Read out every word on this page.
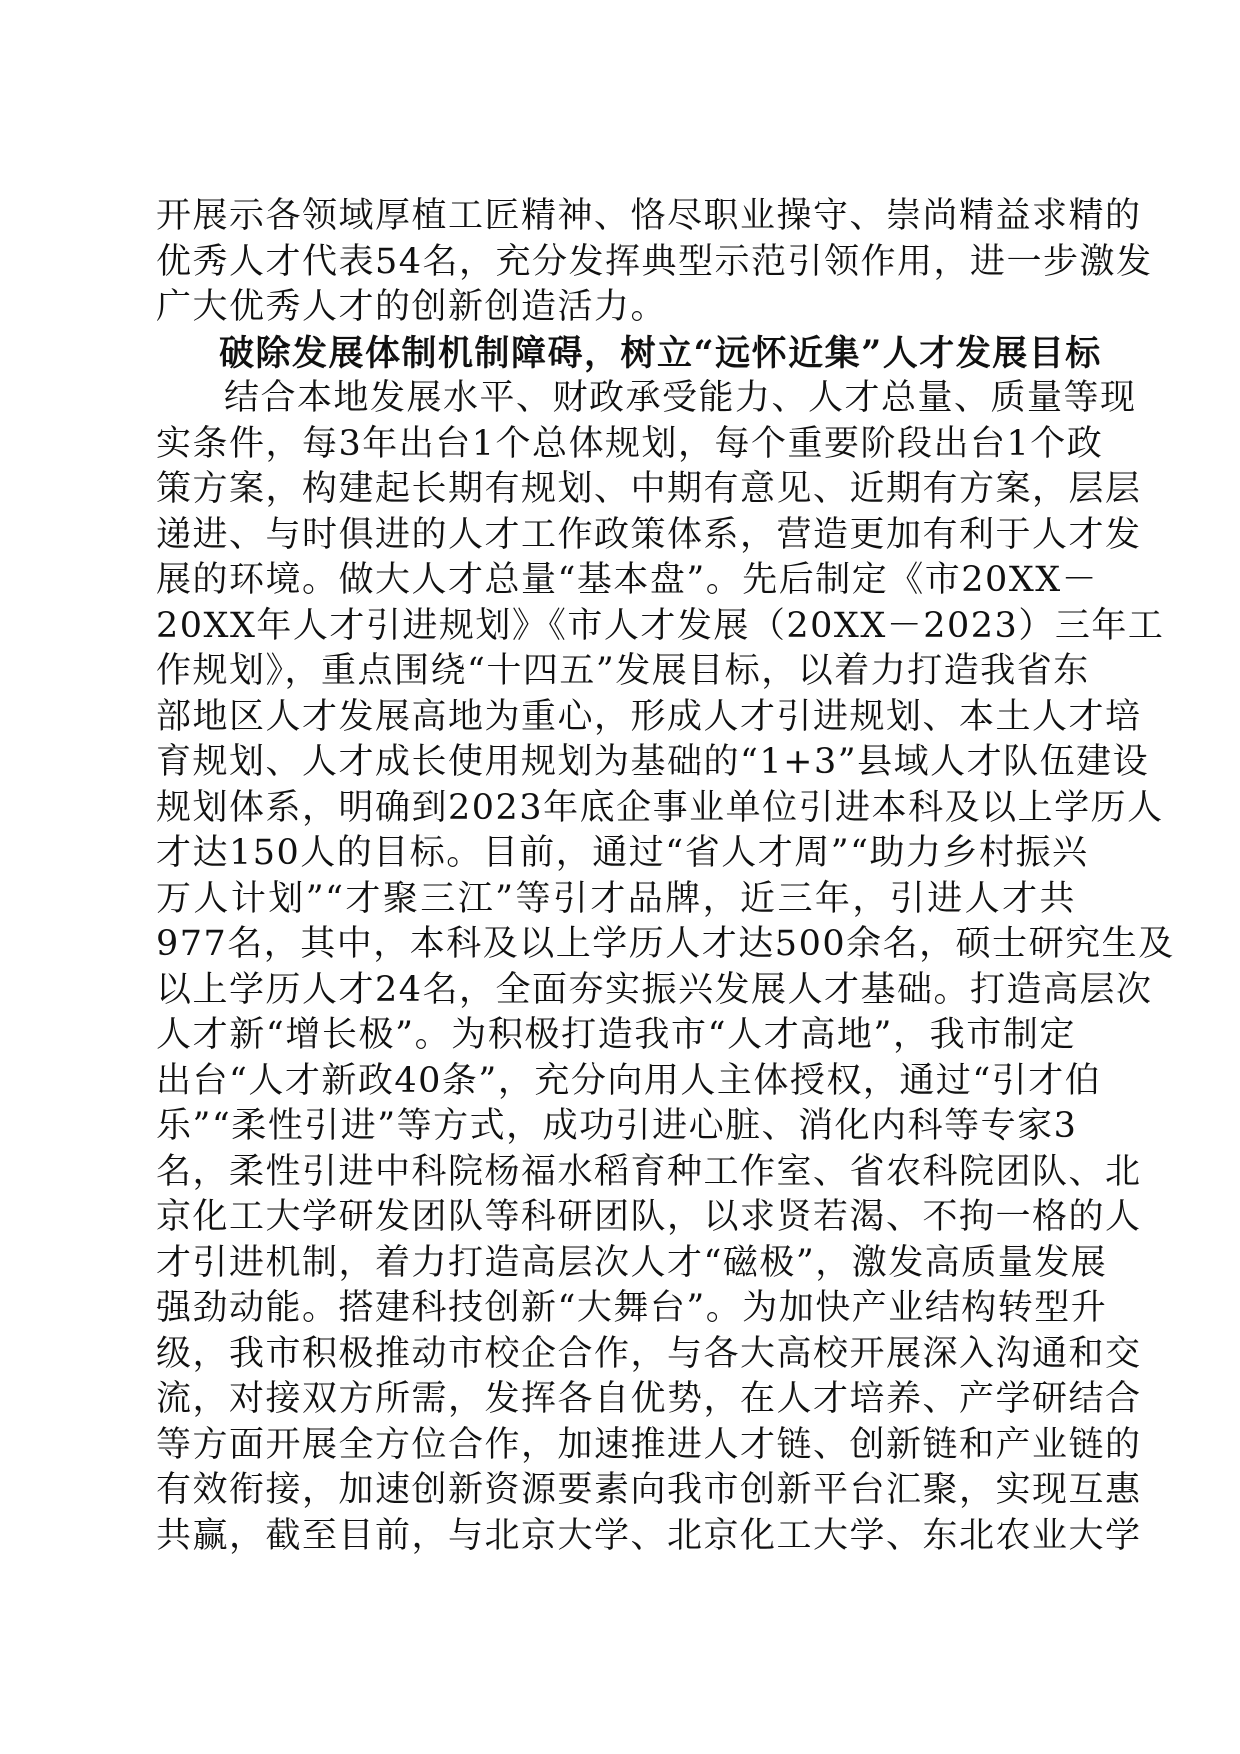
开展示各领域厚植工匠精神、恪尽职业操守、崇尚精益求精的
优秀人才代表54名，充分发挥典型示范引领作用，进一步激发
广大优秀人才的创新创造活力。
破除发展体制机制障碍，树立“远怀近集”人才发展目标
结合本地发展水平、财政承受能力、人才总量、质量等现
实条件，每3年出台1个总体规划，每个重要阶段出台1个政
策方案，构建起长期有规划、中期有意见、近期有方案，层层
递进、与时俱进的人才工作政策体系，营造更加有利于人才发
展的环境。做大人才总量“基本盘”。先后制定《市20XX－
20XX年人才引进规划》《市人才发展（20XX－2023）三年工
作规划》，重点围绕“十四五”发展目标，以着力打造我省东
部地区人才发展高地为重心，形成人才引进规划、本土人才培
育规划、人才成长使用规划为基础的“1+3”县域人才队伍建设
规划体系，明确到2023年底企事业单位引进本科及以上学历人
才达150人的目标。目前，通过“省人才周”“助力乡村振兴
万人计划”“才聚三江”等引才品牌，近三年，引进人才共
977名，其中，本科及以上学历人才达500余名，硕士研究生及
以上学历人才24名，全面夯实振兴发展人才基础。打造高层次
人才新“增长极”。为积极打造我市“人才高地”，我市制定
出台“人才新政40条”，充分向用人主体授权，通过“引才伯
乐”“柔性引进”等方式，成功引进心脏、消化内科等专家3
名，柔性引进中科院杨福水稻育种工作室、省农科院团队、北
京化工大学研发团队等科研团队，以求贤若渴、不拘一格的人
才引进机制，着力打造高层次人才“磁极”，激发高质量发展
强劲动能。搭建科技创新“大舞台”。为加快产业结构转型升
级，我市积极推动市校企合作，与各大高校开展深入沟通和交
流，对接双方所需，发挥各自优势，在人才培养、产学研结合
等方面开展全方位合作，加速推进人才链、创新链和产业链的
有效衔接，加速创新资源要素向我市创新平台汇聚，实现互惠
共赢，截至目前，与北京大学、北京化工大学、东北农业大学
